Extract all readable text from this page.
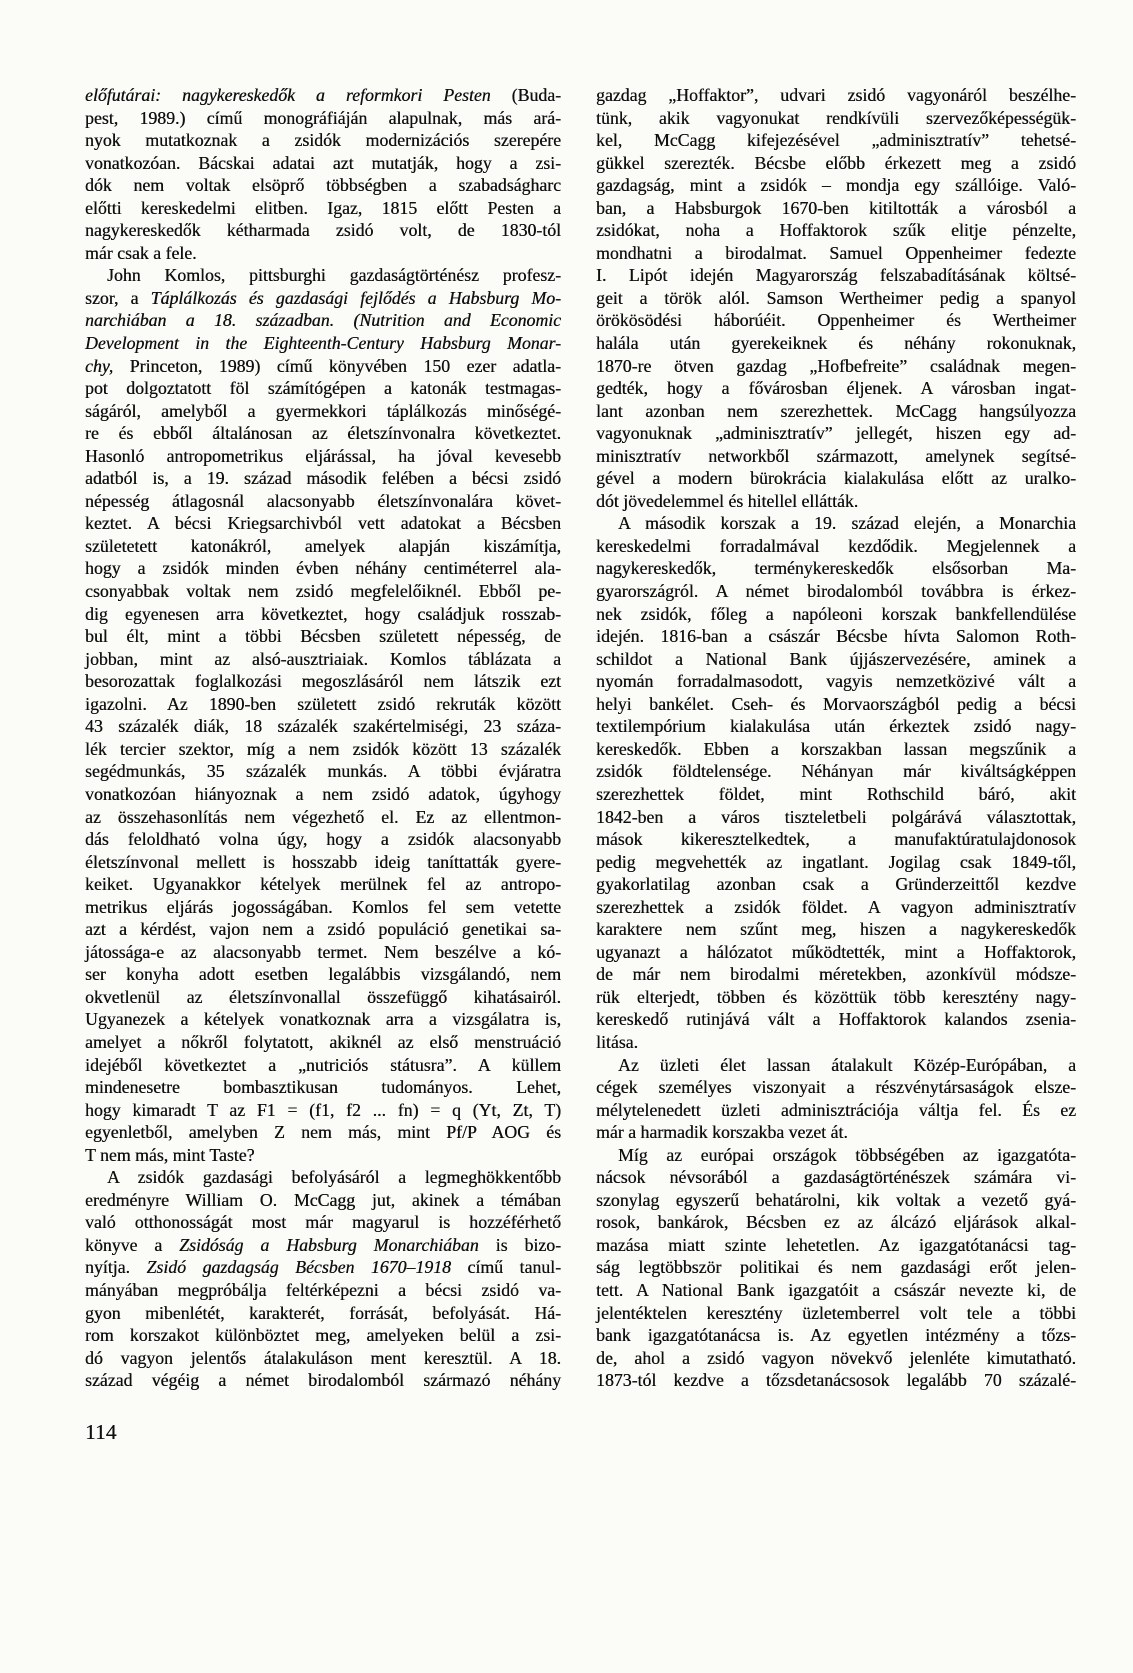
előfutárai: nagykereskedők a reformkori Pesten (Buda-
pest, 1989.) című monográfiáján alapulnak, más ará-
nyok mutatkoznak a zsidók modernizációs szerepére
vonatkozóan. Bácskai adatai azt mutatják, hogy a zsi-
dók nem voltak elsöprő többségben a szabadságharc
előtti kereskedelmi elitben. Igaz, 1815 előtt Pesten a
nagykereskedők kétharmada zsidó volt, de 1830-tól
már csak a fele.
John Komlos, pittsburghi gazdaságtörténész profesz-
szor, a Táplálkozás és gazdasági fejlődés a Habsburg Mo-
narchiában a 18. században. (Nutrition and Economic
Development in the Eighteenth-Century Habsburg Monar-
chy, Princeton, 1989) című könyvében 150 ezer adatla-
pot dolgoztatott föl számítógépen a katonák testmagas-
ságáról, amelyből a gyermekkori táplálkozás minőségé-
re és ebből általánosan az életszínvonalra következtet.
Hasonló antropometrikus eljárással, ha jóval kevesebb
adatból is, a 19. század második felében a bécsi zsidó
népesség átlagosnál alacsonyabb életszínvonalára követ-
keztet. A bécsi Kriegsarchivból vett adatokat a Bécsben
születetett katonákról, amelyek alapján kiszámítja,
hogy a zsidók minden évben néhány centiméterrel ala-
csonyabbak voltak nem zsidó megfelelőiknél. Ebből pe-
dig egyenesen arra következtet, hogy családjuk rosszab-
bul élt, mint a többi Bécsben született népesség, de
jobban, mint az alsó-ausztriaiak. Komlos táblázata a
besorozattak foglalkozási megoszlásáról nem látszik ezt
igazolni. Az 1890-ben született zsidó rekruták között
43 százalék diák, 18 százalék szakértelmiségi, 23 száza-
lék tercier szektor, míg a nem zsidók között 13 százalék
segédmunkás, 35 százalék munkás. A többi évjáratra
vonatkozóan hiányoznak a nem zsidó adatok, úgyhogy
az összehasonlítás nem végezhető el. Ez az ellentmon-
dás feloldható volna úgy, hogy a zsidók alacsonyabb
életszínvonal mellett is hosszabb ideig taníttatták gyere-
keiket. Ugyanakkor kételyek merülnek fel az antropo-
metrikus eljárás jogosságában. Komlos fel sem vetette
azt a kérdést, vajon nem a zsidó populáció genetikai sa-
játossága-e az alacsonyabb termet. Nem beszélve a kó-
ser konyha adott esetben legalábbis vizsgálandó, nem
okvetlenül az életszínvonallal összefüggő kihatásairól.
Ugyanezek a kételyek vonatkoznak arra a vizsgálatra is,
amelyet a nőkről folytatott, akiknél az első menstruáció
idejéből következtet a „nutriciós státusra”. A küllem
mindenesetre bombasztikusan tudományos. Lehet,
hogy kimaradt T az F1 = (f1, f2 ... fn) = q (Yt, Zt, T)
egyenletből, amelyben Z nem más, mint Pf/P AOG és
T nem más, mint Taste?
A zsidók gazdasági befolyásáról a legmeghökkentőbb
eredményre William O. McCagg jut, akinek a témában
való otthonosságát most már magyarul is hozzéférhető
könyve a Zsidóság a Habsburg Monarchiában is bizo-
nyítja. Zsidó gazdagság Bécsben 1670–1918 című tanul-
mányában megpróbálja feltérképezni a bécsi zsidó va-
gyon mibenlétét, karakterét, forrását, befolyását. Há-
rom korszakot különböztet meg, amelyeken belül a zsi-
dó vagyon jelentős átalakuláson ment keresztül. A 18.
század végéig a német birodalomból származó néhány
gazdag „Hoffaktor”, udvari zsidó vagyonáról beszélhe-
tünk, akik vagyonukat rendkívüli szervezőképességük-
kel, McCagg kifejezésével „adminisztratív” tehetsé-
gükkel szerezték. Bécsbe előbb érkezett meg a zsidó
gazdagság, mint a zsidók – mondja egy szállóige. Való-
ban, a Habsburgok 1670-ben kitiltották a városból a
zsidókat, noha a Hoffaktorok szűk elitje pénzelte,
mondhatni a birodalmat. Samuel Oppenheimer fedezte
I. Lipót idején Magyarország felszabadításának költsé-
geit a török alól. Samson Wertheimer pedig a spanyol
örökösödési háborúéit. Oppenheimer és Wertheimer
halála után gyerekeiknek és néhány rokonuknak,
1870-re ötven gazdag „Hofbefreite” családnak megen-
gedték, hogy a fővárosban éljenek. A városban ingat-
lant azonban nem szerezhettek. McCagg hangsúlyozza
vagyonuknak „adminisztratív” jellegét, hiszen egy ad-
minisztratív networkből származott, amelynek segítsé-
gével a modern bürokrácia kialakulása előtt az uralko-
dót jövedelemmel és hitellel ellátták.
A második korszak a 19. század elején, a Monarchia
kereskedelmi forradalmával kezdődik. Megjelennek a
nagykereskedők, terménykereskedők elsősorban Ma-
gyarországról. A német birodalomból továbbra is érkez-
nek zsidók, főleg a napóleoni korszak bankfellendülése
idején. 1816-ban a császár Bécsbe hívta Salomon Roth-
schildot a National Bank újjászervezésére, aminek a
nyomán forradalmasodott, vagyis nemzetközivé vált a
helyi bankélet. Cseh- és Morvaországból pedig a bécsi
textilempórium kialakulása után érkeztek zsidó nagy-
kereskedők. Ebben a korszakban lassan megszűnik a
zsidók földtelensége. Néhányan már kiváltságképpen
szerezhettek földet, mint Rothschild báró, akit
1842-ben a város tiszteletbeli polgárává választottak,
mások kikeresztelkedtek, a manufaktúratulajdonosok
pedig megvehették az ingatlant. Jogilag csak 1849-től,
gyakorlatilag azonban csak a Gründerzeittől kezdve
szerezhettek a zsidók földet. A vagyon adminisztratív
karaktere nem szűnt meg, hiszen a nagykereskedők
ugyanazt a hálózatot működtették, mint a Hoffaktorok,
de már nem birodalmi méretekben, azonkívül módsze-
rük elterjedt, többen és közöttük több keresztény nagy-
kereskedő rutinjává vált a Hoffaktorok kalandos zsenia-
litása.
Az üzleti élet lassan átalakult Közép-Európában, a
cégek személyes viszonyait a részvénytársaságok elsze-
mélytelenedett üzleti adminisztrációja váltja fel. És ez
már a harmadik korszakba vezet át.
Míg az európai országok többségében az igazgatóta-
nácsok névsorából a gazdaságtörténészek számára vi-
szonylag egyszerű behatárolni, kik voltak a vezető gyá-
rosok, bankárok, Bécsben ez az álcázó eljárások alkal-
mazása miatt szinte lehetetlen. Az igazgatótanácsi tag-
ság legtöbbször politikai és nem gazdasági erőt jelen-
tett. A National Bank igazgatóit a császár nevezte ki, de
jelentéktelen keresztény üzletemberrel volt tele a többi
bank igazgatótanácsa is. Az egyetlen intézmény a tőzs-
de, ahol a zsidó vagyon növekvő jelenléte kimutatható.
1873-tól kezdve a tőzsdetanácsosok legalább 70 százalé-
114
